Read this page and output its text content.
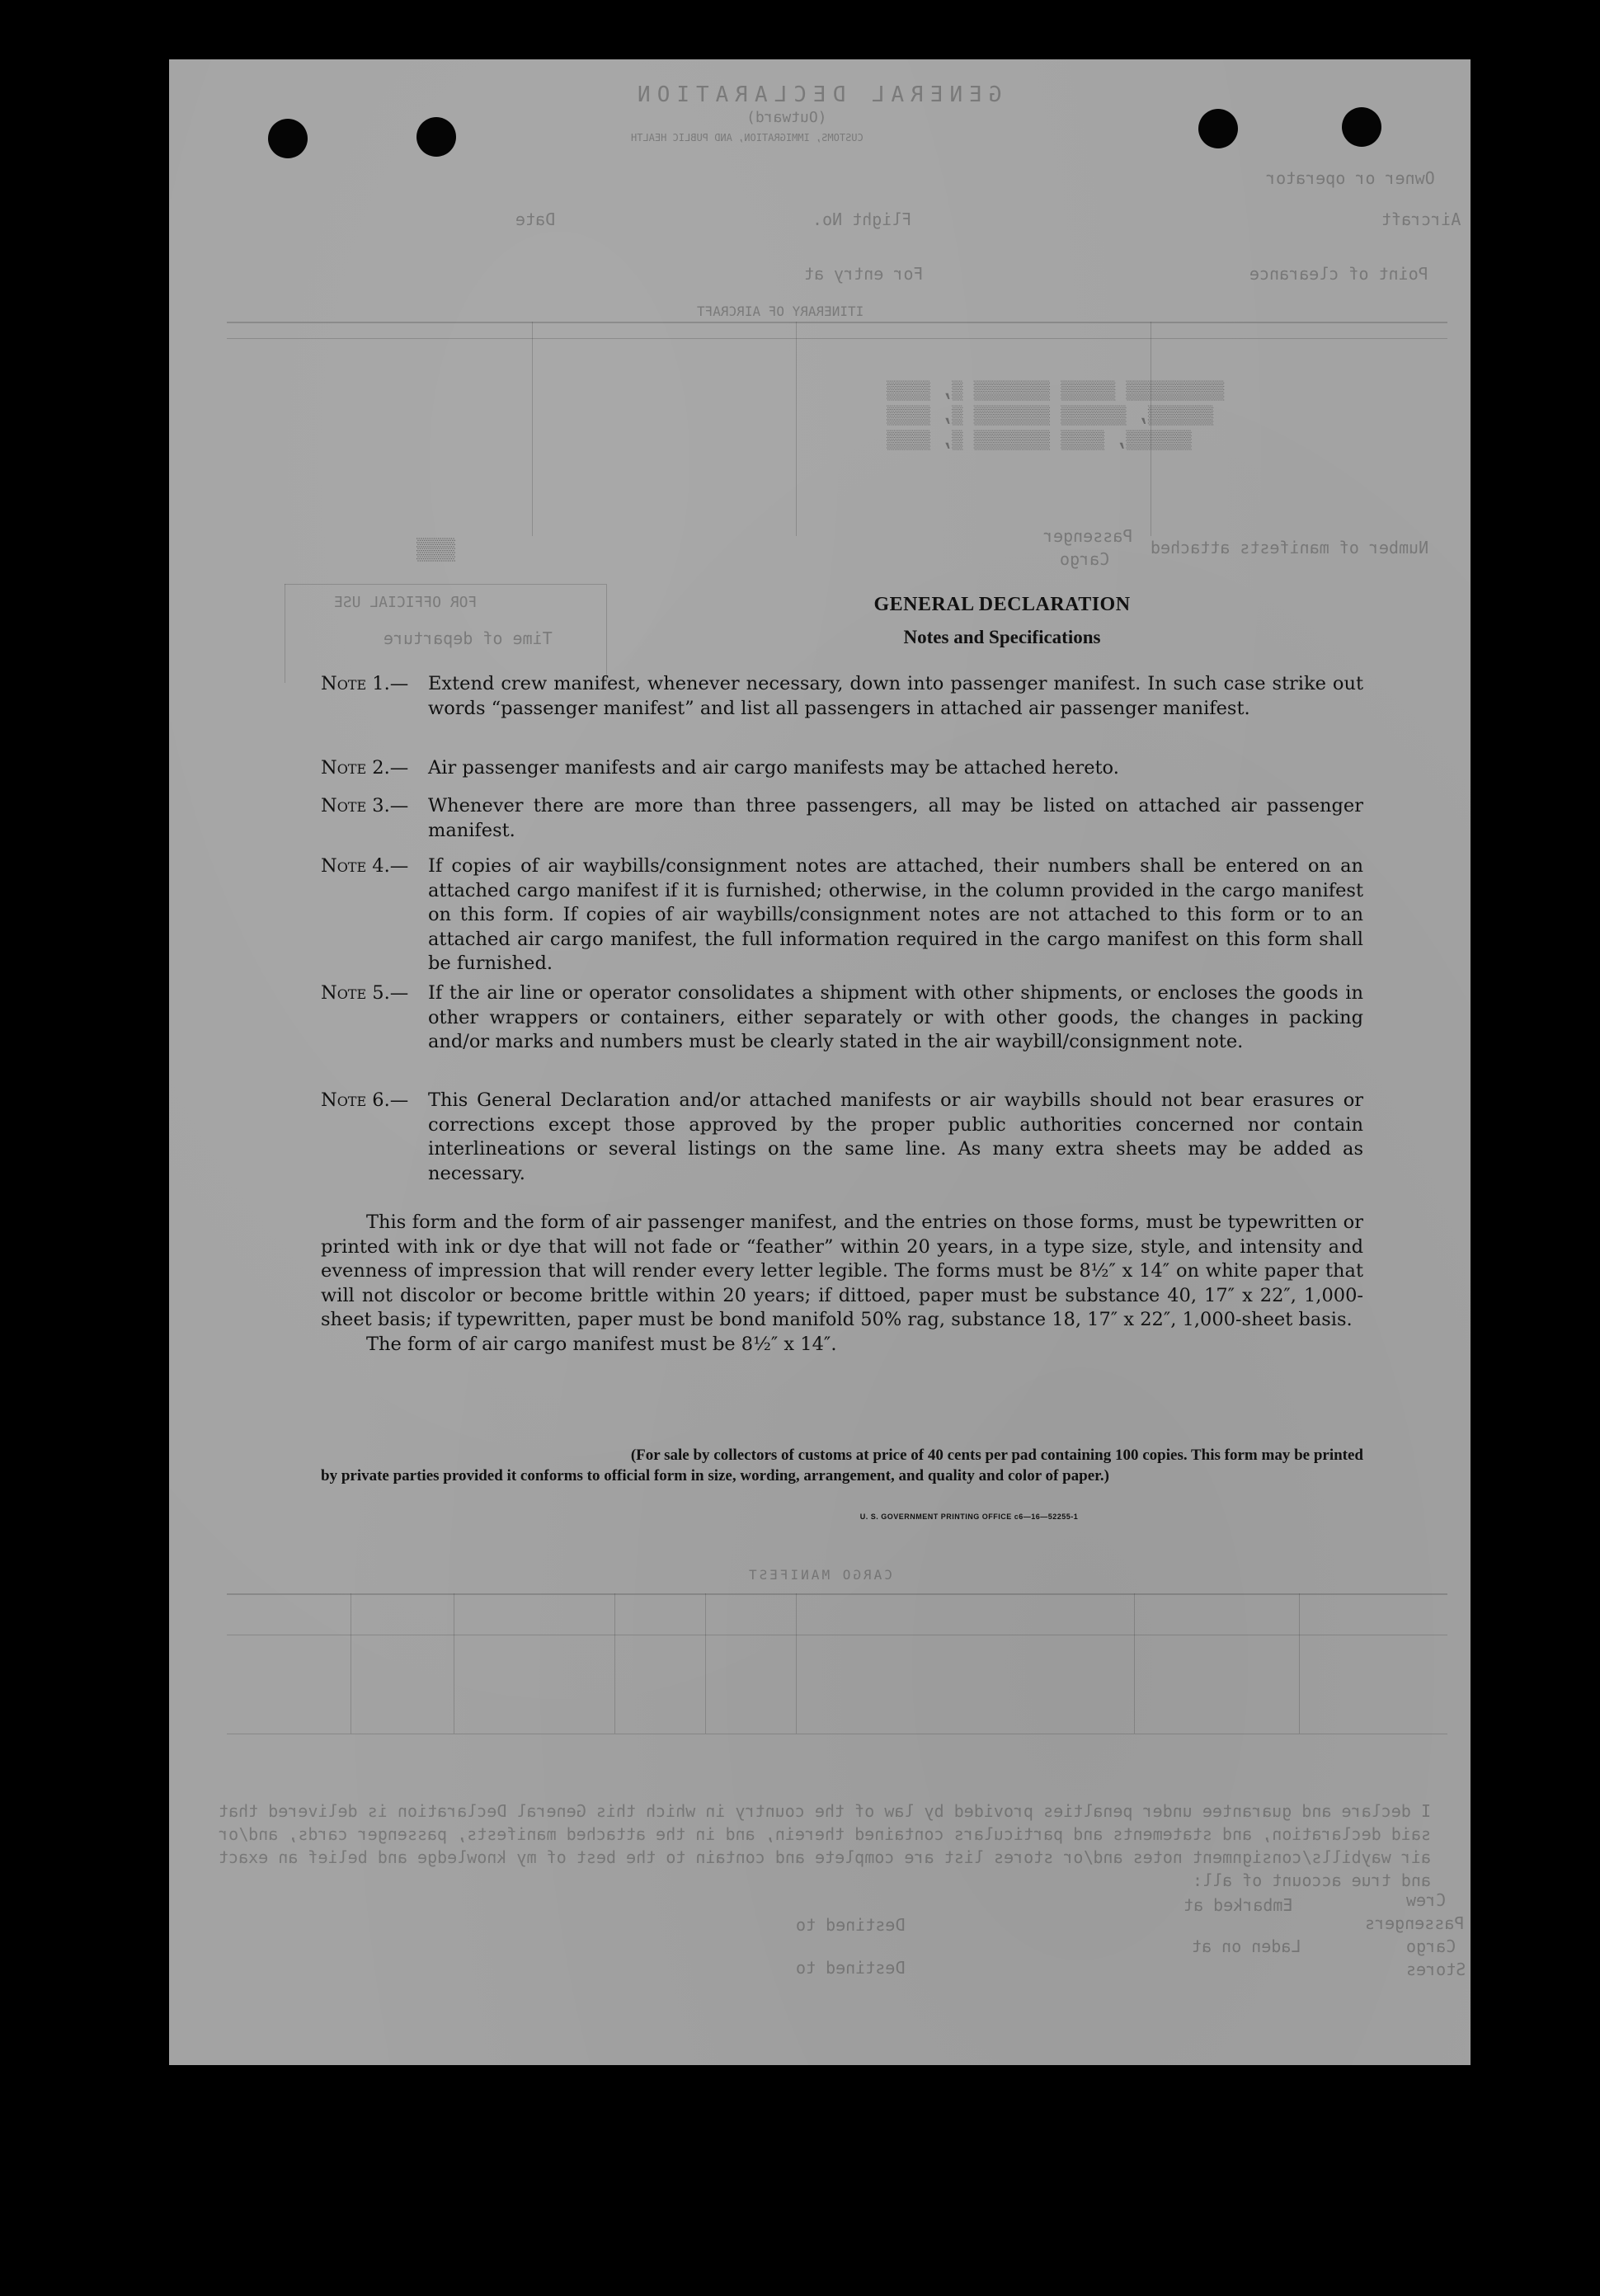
GENERAL DECLARATION
(Outward)
CUSTOMS, IMMIGRATION, AND PUBLIC HEALTH
Owner or operator
Aircraft
Flight No.
Date
Point of clearance
For entry at
ITINERARY OF AIRCRAFT
▒▒▒▒▒▒▒▒▒ ▒▒▒▒▒ ▒▒▒▒▒▒▒ ▒, ▒▒▒▒
▒▒▒▒▒▒, ▒▒▒▒▒▒ ▒▒▒▒▒▒▒ ▒, ▒▒▒▒
▒▒▒▒▒▒, ▒▒▒▒ ▒▒▒▒▒▒▒ ▒, ▒▒▒▒
Number of manifests attached
Passenger
Cargo
▒▒▒
FOR OFFICIAL USE
Time of departure
CARGO MANIFEST
I declare and guarantee under penalties provided by law of the country in which this General Declaration is delivered that said declaration, and statements and particulars contained therein, and in the attached manifests, passenger cards, and/or air waybills/consignment notes and/or stores list are complete and contain to the best of my knowledge and belief an exact and true account of all:
Crew
Passengers
Cargo
Stores
Embarked at
Laden on at
Destined to
Destined to
GENERAL DECLARATION
Notes and Specifications
Note 1.—	Extend crew manifest, whenever necessary, down into passenger manifest. In such case strike out words “passenger manifest” and list all passengers in attached air passenger manifest.
Note 2.—	Air passenger manifests and air cargo manifests may be attached hereto.
Note 3.—	Whenever there are more than three passengers, all may be listed on attached air passenger manifest.
Note 4.—	If copies of air waybills/consignment notes are attached, their numbers shall be entered on an attached cargo manifest if it is furnished; otherwise, in the column provided in the cargo manifest on this form. If copies of air waybills/consignment notes are not attached to this form or to an attached air cargo manifest, the full information required in the cargo manifest on this form shall be furnished.
Note 5.—	If the air line or operator consolidates a shipment with other shipments, or encloses the goods in other wrappers or containers, either separately or with other goods, the changes in packing and/or marks and numbers must be clearly stated in the air waybill/consignment note.
Note 6.—	This General Declaration and/or attached manifests or air waybills should not bear erasures or corrections except those approved by the proper public authorities concerned nor contain interlineations or several listings on the same line. As many extra sheets may be added as necessary.
This form and the form of air passenger manifest, and the entries on those forms, must be typewritten or printed with ink or dye that will not fade or “feather” within 20 years, in a type size, style, and intensity and evenness of impression that will render every letter legible. The forms must be 8½″ x 14″ on white paper that will not discolor or become brittle within 20 years; if dittoed, paper must be substance 40, 17″ x 22″, 1,000-sheet basis; if typewritten, paper must be bond manifold 50% rag, substance 18, 17″ x 22″, 1,000-sheet basis.
The form of air cargo manifest must be 8½″ x 14″.
(For sale by collectors of customs at price of 40 cents per pad containing 100 copies. This form may be printed
by private parties provided it conforms to official form in size, wording, arrangement, and quality and color of paper.)
U. S. GOVERNMENT PRINTING OFFICE c6—16—52255-1
